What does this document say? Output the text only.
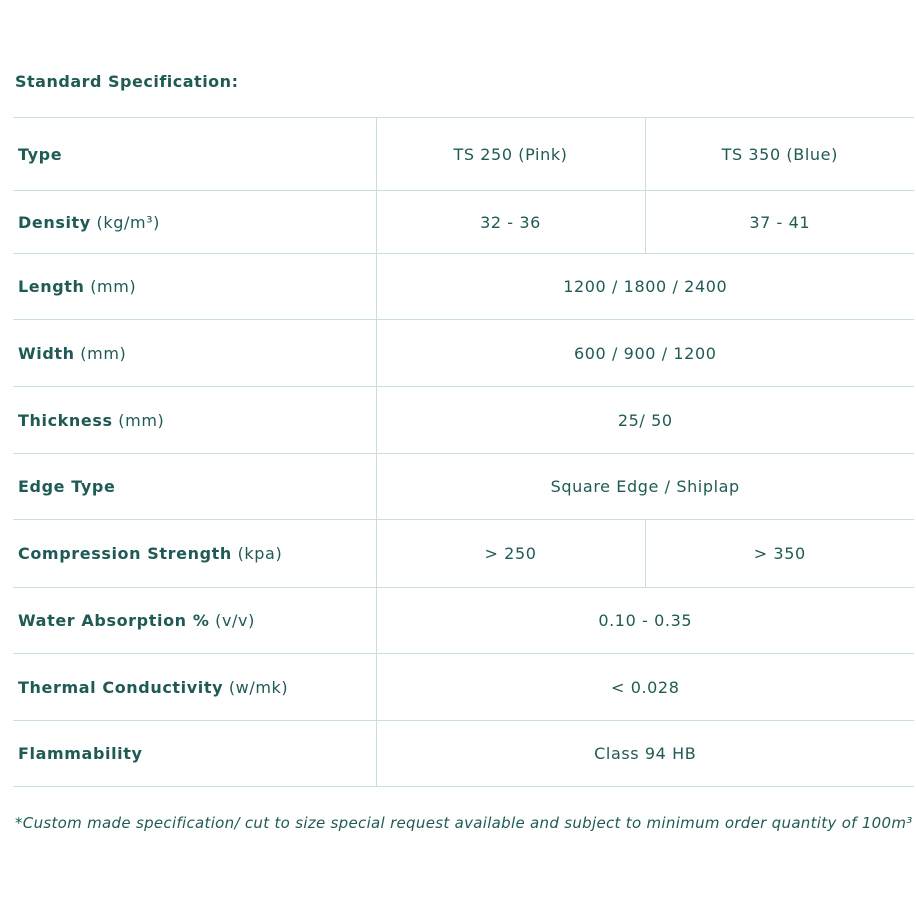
Standard Specification:
Type	TS 250 (Pink)	TS 350 (Blue)
Density (kg/m³)	32 - 36	37 - 41
Length (mm)	1200 / 1800 / 2400	
Width (mm)	600 / 900 / 1200	
Thickness (mm)	25/ 50	
Edge Type	Square Edge / Shiplap	
Compression Strength (kpa)	> 250	> 350
Water Absorption % (v/v)	0.10 - 0.35	
Thermal Conductivity (w/mk)	< 0.028	
Flammability	Class 94 HB	
*Custom made specification/ cut to size special request available and subject to minimum order quantity of 100m³
